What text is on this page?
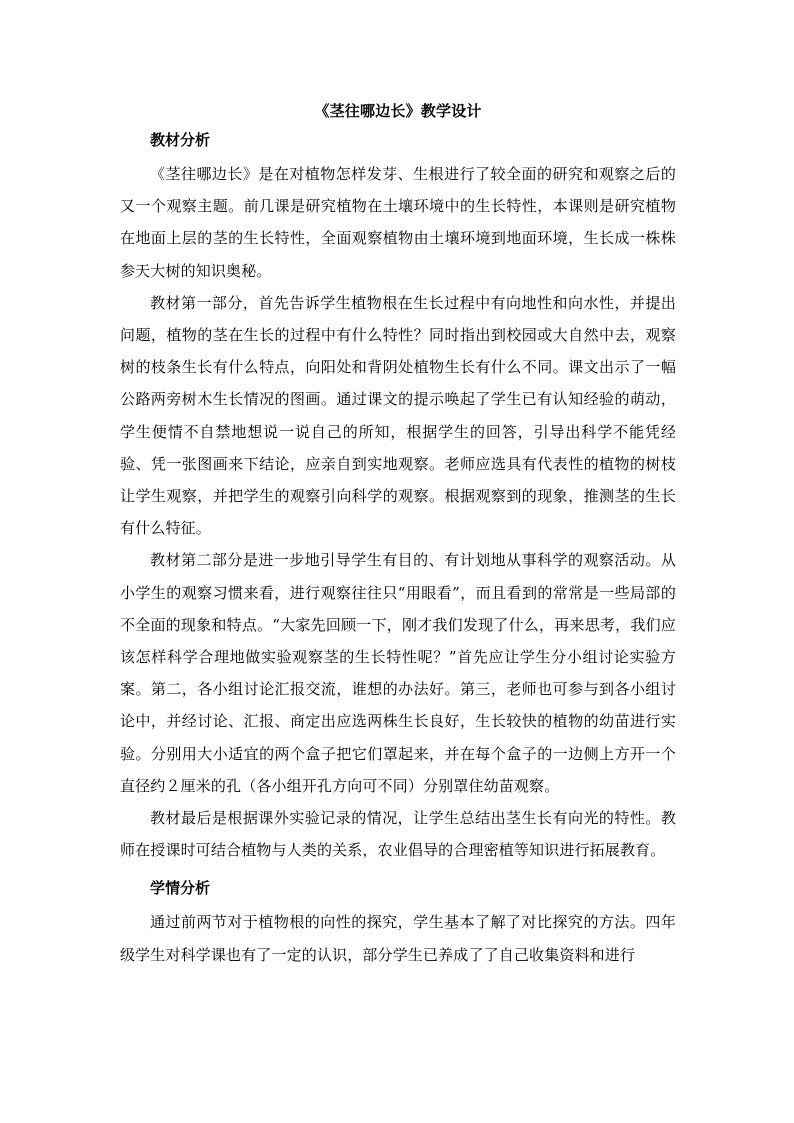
《茎往哪边长》教学设计
教材分析

《茎往哪边长》是在对植物怎样发芽、生根进行了较全面的研究和观察之后的又一个观察主题。前几课是研究植物在土壤环境中的生长特性，本课则是研究植物在地面上层的茎的生长特性，全面观察植物由土壤环境到地面环境，生长成一株株参天大树的知识奥秘。

教材第一部分，首先告诉学生植物根在生长过程中有向地性和向水性，并提出问题，植物的茎在生长的过程中有什么特性？同时指出到校园或大自然中去，观察树的枝条生长有什么特点，向阳处和背阴处植物生长有什么不同。课文出示了一幅公路两旁树木生长情况的图画。通过课文的提示唤起了学生已有认知经验的萌动，学生便情不自禁地想说一说自己的所知，根据学生的回答，引导出科学不能凭经验、凭一张图画来下结论，应亲自到实地观察。老师应选具有代表性的植物的树枝让学生观察，并把学生的观察引向科学的观察。根据观察到的现象，推测茎的生长有什么特征。

教材第二部分是进一步地引导学生有目的、有计划地从事科学的观察活动。从小学生的观察习惯来看，进行观察往往只“用眼看”，而且看到的常常是一些局部的不全面的现象和特点。“大家先回顾一下，刚才我们发现了什么，再来思考，我们应该怎样科学合理地做实验观察茎的生长特性呢？”首先应让学生分小组讨论实验方案。第二，各小组讨论汇报交流，谁想的办法好。第三，老师也可参与到各小组讨论中，并经讨论、汇报、商定出应选两株生长良好，生长较快的植物的幼苗进行实验。分别用大小适宜的两个盒子把它们罩起来，并在每个盒子的一边侧上方开一个直径约２厘米的孔（各小组开孔方向可不同）分别罩住幼苗观察。

教材最后是根据课外实验记录的情况，让学生总结出茎生长有向光的特性。教师在授课时可结合植物与人类的关系，农业倡导的合理密植等知识进行拓展教育。

学情分析

通过前两节对于植物根的向性的探究，学生基本了解了对比探究的方法。四年级学生对科学课也有了一定的认识，部分学生已养成了了自己收集资料和进行
